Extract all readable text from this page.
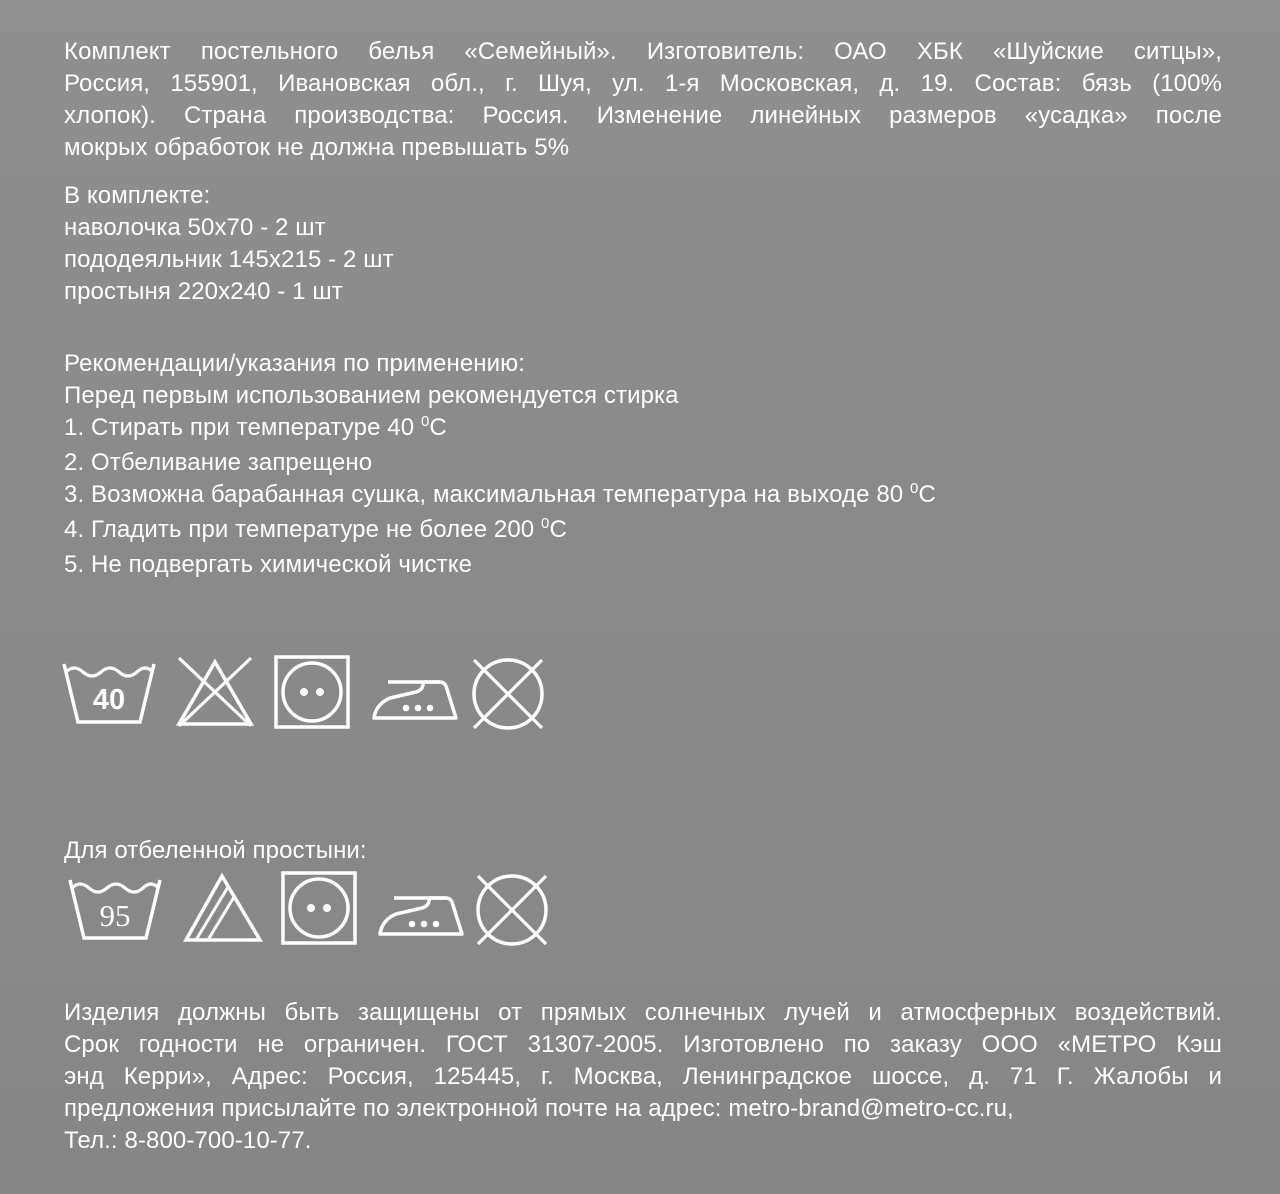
Комплект постельного белья «Семейный». Изготовитель: ОАО ХБК «Шуйские ситцы»,
Россия, 155901, Ивановская обл., г. Шуя, ул. 1-я Московская, д. 19. Состав: бязь (100%
хлопок). Страна производства: Россия. Изменение линейных размеров «усадка» после
мокрых обработок не должна превышать 5%
В комплекте:
наволочка 50х70 - 2 шт
пододеяльник 145х215 - 2 шт
простыня 220х240 - 1 шт
Рекомендации/указания по применению:
Перед первым использованием рекомендуется стирка
1. Стирать при температуре 40 $^0$С
2. Отбеливание запрещено
3. Возможна барабанная сушка, максимальная температура на выходе 80 $^0$С
4. Гладить при температуре не более 200 $^0$С
5. Не подвергать химической чистке
40
Для отбеленной простыни:
95
Изделия должны быть защищены от прямых солнечных лучей и атмосферных воздействий.
Срок годности не ограничен. ГОСТ 31307-2005. Изготовлено по заказу ООО «МЕТРО Кэш
энд Керри», Адрес: Россия, 125445, г. Москва, Ленинградское шоссе, д. 71 Г. Жалобы и
предложения присылайте по электронной почте на адрес: metro-brand@metro-cc.ru,
Тел.: 8-800-700-10-77.
